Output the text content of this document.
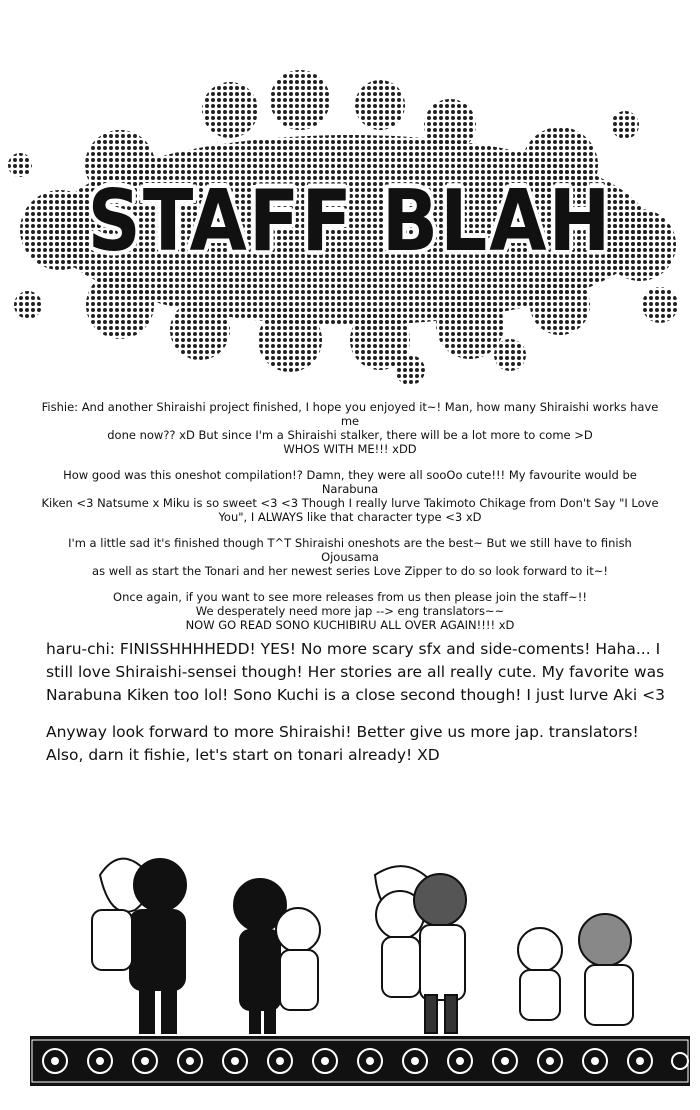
STAFF BLAH

Fishie: And another Shiraishi project finished, I hope you enjoyed it~! Man, how many Shiraishi works have me
done now?? xD But since I'm a Shiraishi stalker, there will be a lot more to come >D
WHOS WITH ME!!! xDD

How good was this oneshot compilation!? Damn, they were all sooOo cute!!! My favourite would be Narabuna
Kiken <3 Natsume x Miku is so sweet <3 <3 Though I really lurve Takimoto Chikage from Don't Say "I Love
You", I ALWAYS like that character type <3 xD

I'm a little sad it's finished though T^T Shiraishi oneshots are the best~ But we still have to finish Ojousama
as well as start the Tonari and her newest series Love Zipper to do so look forward to it~!

Once again, if you want to see more releases from us then please join the staff~!!
We desperately need more jap --> eng translators~~
NOW GO READ SONO KUCHIBIRU ALL OVER AGAIN!!!! xD

haru-chi: FINISSHHHHEDD! YES! No more scary sfx and side-coments! Haha... I
still love Shiraishi-sensei though! Her stories are all really cute. My favorite was
Narabuna Kiken too lol! Sono Kuchi is a close second though! I just lurve Aki <3

Anyway look forward to more Shiraishi! Better give us more jap. translators!
Also, darn it fishie, let's start on tonari already! XD
